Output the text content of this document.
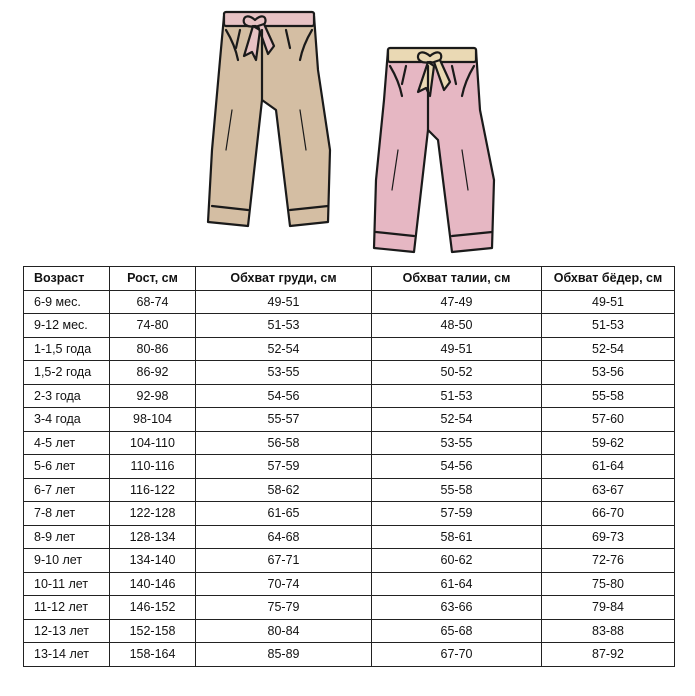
Возраст	Рост, см	Обхват груди, см	Обхват талии, см	Обхват бёдер, см
6-9 мес.	68-74	49-51	47-49	49-51
9-12 мес.	74-80	51-53	48-50	51-53
1-1,5 года	80-86	52-54	49-51	52-54
1,5-2 года	86-92	53-55	50-52	53-56
2-3 года	92-98	54-56	51-53	55-58
3-4 года	98-104	55-57	52-54	57-60
4-5 лет	104-110	56-58	53-55	59-62
5-6 лет	110-116	57-59	54-56	61-64
6-7 лет	116-122	58-62	55-58	63-67
7-8 лет	122-128	61-65	57-59	66-70
8-9 лет	128-134	64-68	58-61	69-73
9-10 лет	134-140	67-71	60-62	72-76
10-11 лет	140-146	70-74	61-64	75-80
11-12 лет	146-152	75-79	63-66	79-84
12-13 лет	152-158	80-84	65-68	83-88
13-14 лет	158-164	85-89	67-70	87-92
